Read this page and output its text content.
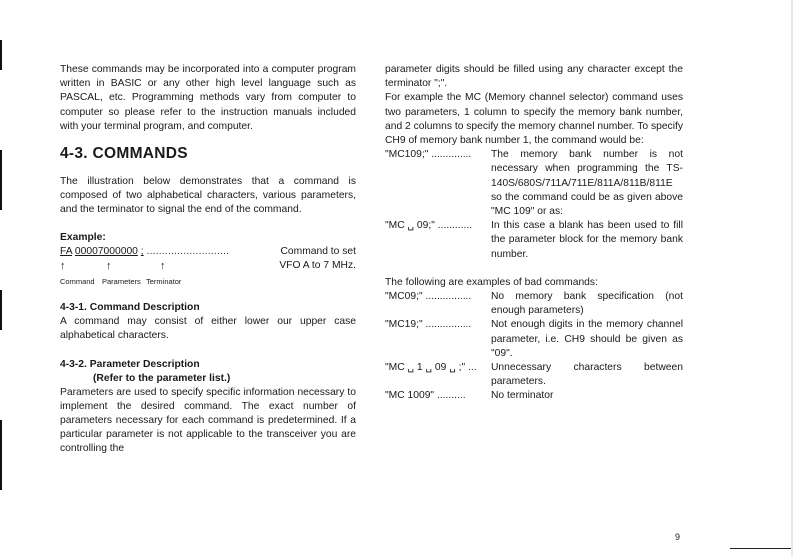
These commands may be incorporated into a computer program written in BASIC or any other high level language such as PASCAL, etc. Programming methods vary from computer to computer so please refer to the instruction manuals included with your terminal program, and computer.

4-3. COMMANDS

The illustration below demonstrates that a command is composed of two alphabetical characters, various parameters, and the terminator to signal the end of the command.

Example:

FA 00007000000 ; ...........................	Command to set
↑	↑	↑	VFO A to 7 MHz.
Command Parameters Terminator
4-3-1. Command Description

A command may consist of either lower our upper case alphabetical characters.

4-3-2. Parameter Description
(Refer to the parameter list.)

Parameters are used to specify specific information necessary to implement the desired command. The exact number of parameters necessary for each command is predetermined. If a particular parameter is not applicable to the transceiver you are controlling the

parameter digits should be filled using any character except the terminator ";".

For example the MC (Memory channel selector) command uses two parameters, 1 column to specify the memory bank number, and 2 columns to specify the memory channel number. To specify CH9 of memory bank number 1, the command would be:

"MC109;" ..............	The memory bank number is not necessary when programming the TS-140S/680S/711A/711E/811A/811B/811E so the command could be as given above "MC 109" or as:
"MC ␣ 09;" ............	In this case a blank has been used to fill the parameter block for the memory bank number.

The following are examples of bad commands:

"MC09;" ................	No memory bank specification (not enough parameters)
"MC19;" ................	Not enough digits in the memory channel parameter, i.e. CH9 should be given as "09".
"MC ␣ 1 ␣ 09 ␣ ;" ...	Unnecessary characters between parameters.
"MC 1009" ..........	No terminator
9
